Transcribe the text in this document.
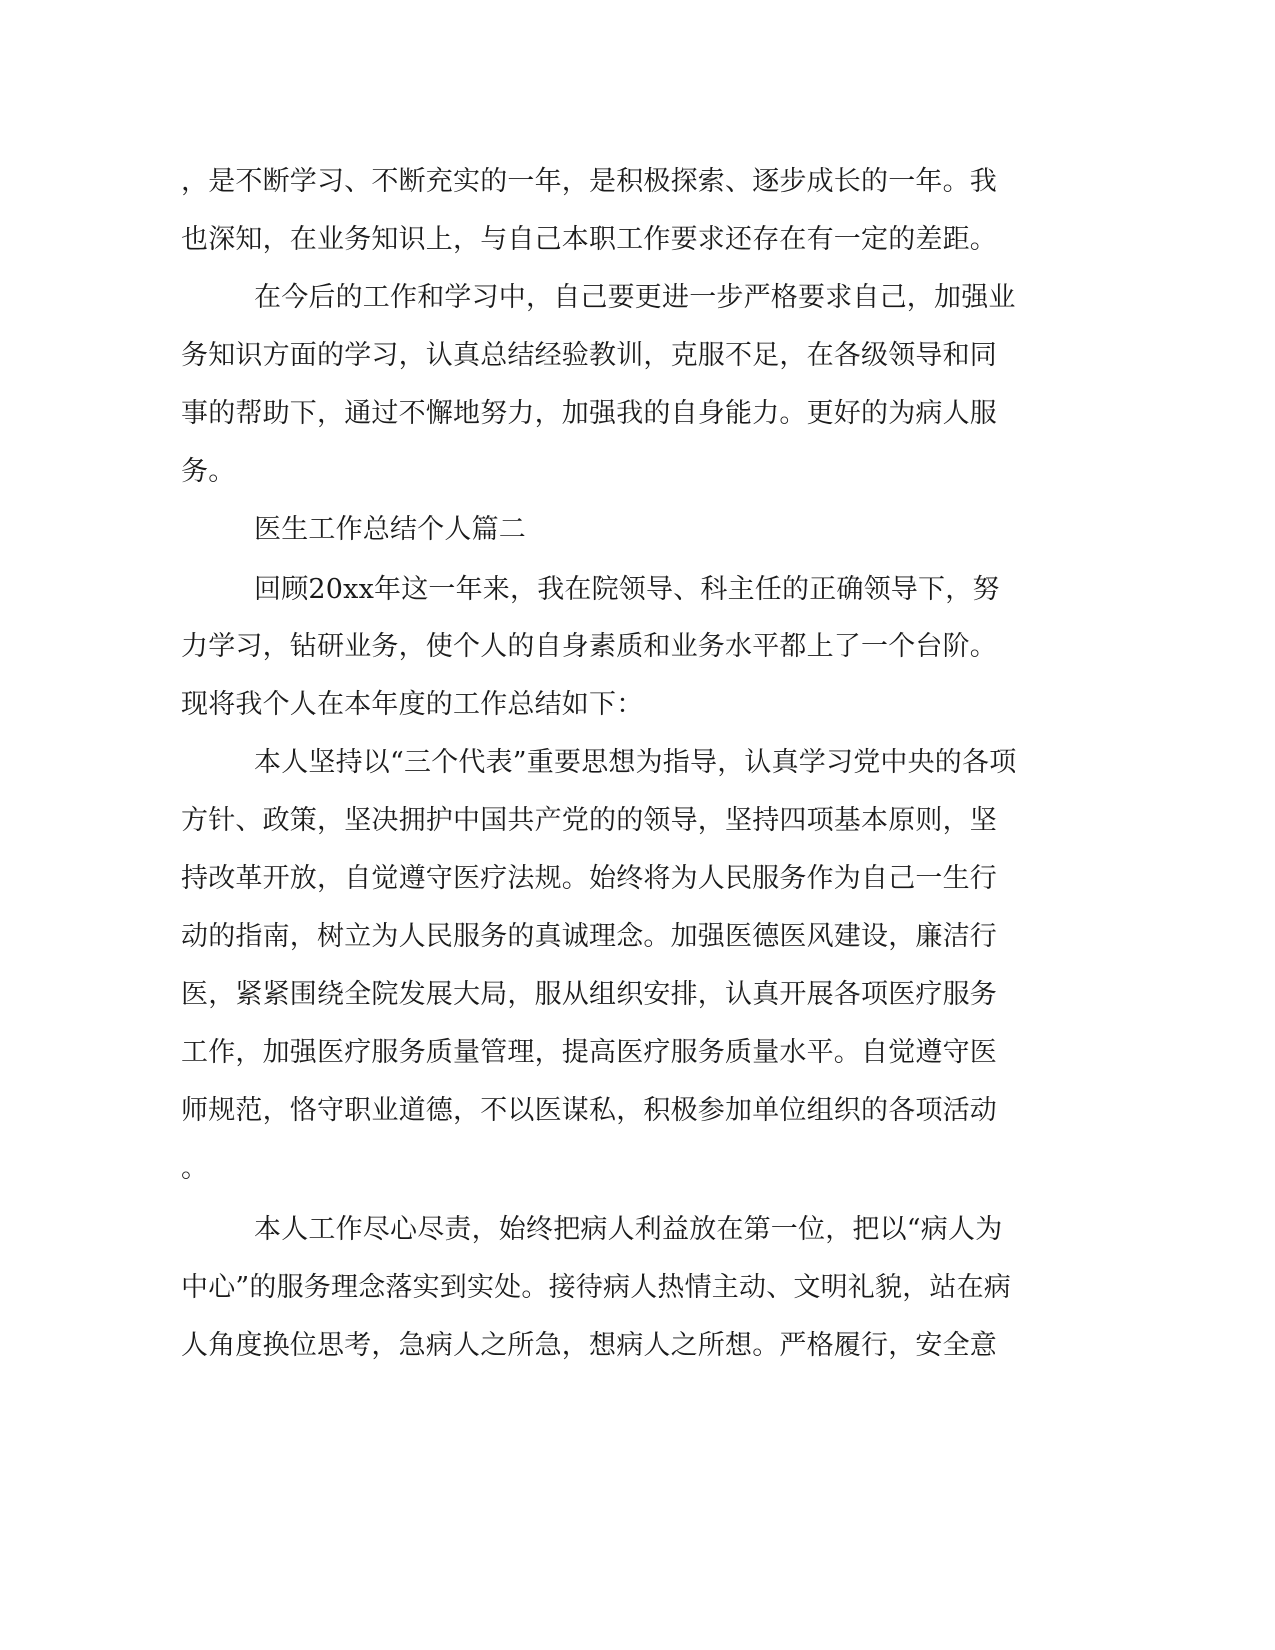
，是不断学习、不断充实的一年，是积极探索、逐步成长的一年。我
也深知，在业务知识上，与自己本职工作要求还存在有一定的差距。
在今后的工作和学习中，自己要更进一步严格要求自己，加强业
务知识方面的学习，认真总结经验教训，克服不足，在各级领导和同
事的帮助下，通过不懈地努力，加强我的自身能力。更好的为病人服
务。
医生工作总结个人篇二
回顾20xx年这一年来，我在院领导、科主任的正确领导下，努
力学习，钻研业务，使个人的自身素质和业务水平都上了一个台阶。
现将我个人在本年度的工作总结如下：
本人坚持以“三个代表”重要思想为指导，认真学习党中央的各项
方针、政策，坚决拥护中国共产党的的领导，坚持四项基本原则，坚
持改革开放，自觉遵守医疗法规。始终将为人民服务作为自己一生行
动的指南，树立为人民服务的真诚理念。加强医德医风建设，廉洁行
医，紧紧围绕全院发展大局，服从组织安排，认真开展各项医疗服务
工作，加强医疗服务质量管理，提高医疗服务质量水平。自觉遵守医
师规范，恪守职业道德，不以医谋私，积极参加单位组织的各项活动
。
本人工作尽心尽责，始终把病人利益放在第一位，把以“病人为
中心”的服务理念落实到实处。接待病人热情主动、文明礼貌，站在病
人角度换位思考，急病人之所急，想病人之所想。严格履行，安全意
